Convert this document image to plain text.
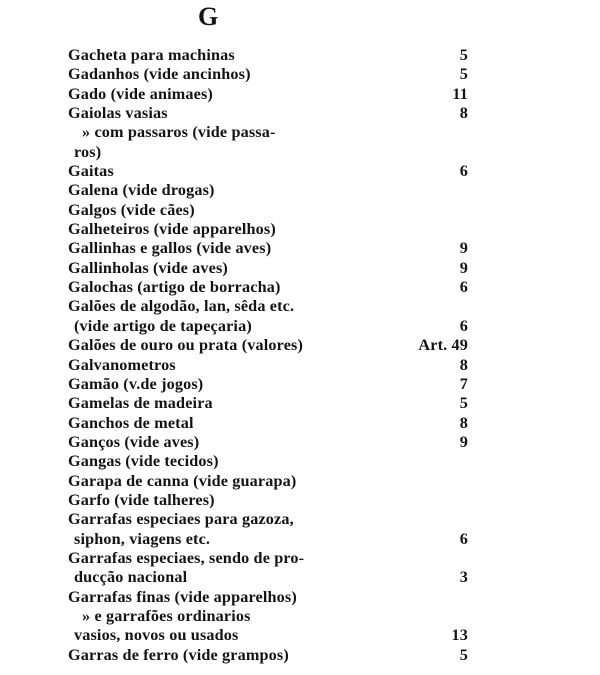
G
Gacheta para machinas	5
Gadanhos (vide ancinhos)	5
Gado (vide animaes)	11
Gaiolas vasias	8
» com passaros (vide passa-
ros)
Gaitas	6
Galena (vide drogas)
Galgos (vide cães)
Galheteiros (vide apparelhos)
Gallinhas e gallos (vide aves)	9
Gallinholas (vide aves)	9
Galochas (artigo de borracha)	6
Galões de algodão, lan, sêda etc.
(vide artigo de tapeçaria)	6
Galões de ouro ou prata (valores)	Art. 49
Galvanometros	8
Gamão (v.de jogos)	7
Gamelas de madeira	5
Ganchos de metal	8
Ganços (vide aves)	9
Gangas (vide tecidos)
Garapa de canna (vide guarapa)
Garfo (vide talheres)
Garrafas especiaes para gazoza,
siphon, viagens etc.	6
Garrafas especiaes, sendo de pro-
ducção nacional	3
Garrafas finas (vide apparelhos)
» e garrafões ordinarios
vasios, novos ou usados	13
Garras de ferro (vide grampos)	5
